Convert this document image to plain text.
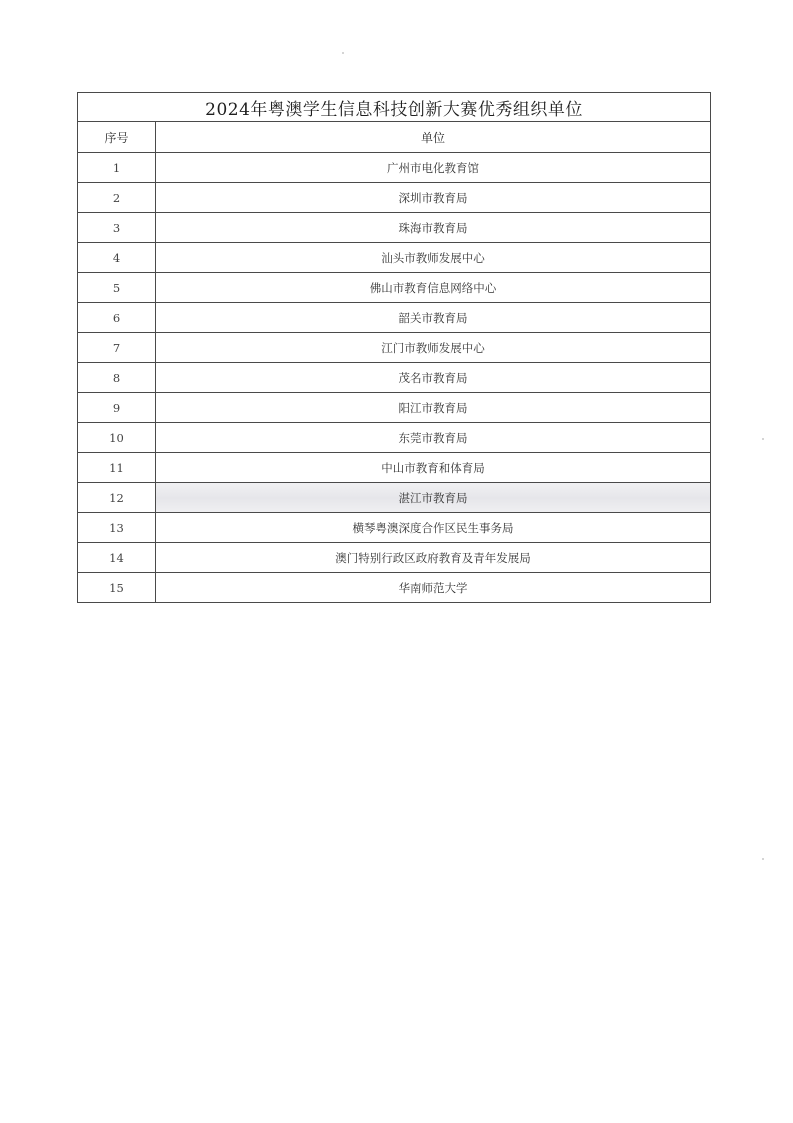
2024年粤澳学生信息科技创新大赛优秀组织单位	
序号	单位
1	广州市电化教育馆
2	深圳市教育局
3	珠海市教育局
4	汕头市教师发展中心
5	佛山市教育信息网络中心
6	韶关市教育局
7	江门市教师发展中心
8	茂名市教育局
9	阳江市教育局
10	东莞市教育局
11	中山市教育和体育局
12	湛江市教育局
13	横琴粤澳深度合作区民生事务局
14	澳门特别行政区政府教育及青年发展局
15	华南师范大学
